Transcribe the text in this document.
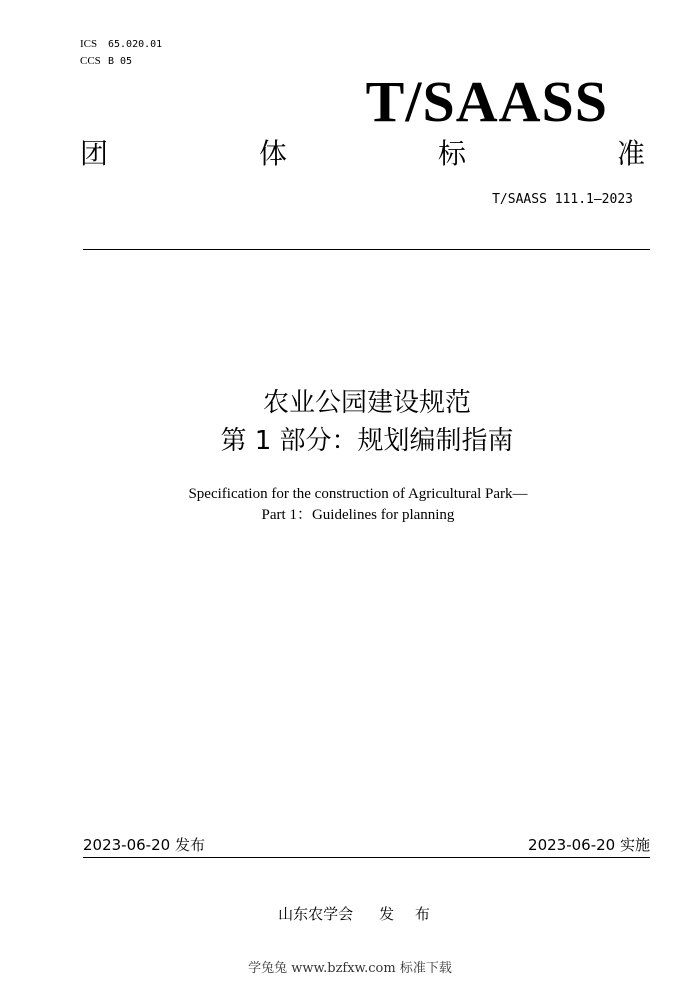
ICS 65.020.01
CCS B 05
T/SAASS
团	体	标	准
T/SAASS 111.1—2023
农业公园建设规范
第 1 部分：规划编制指南
Specification for the construction of Agricultural Park—
Part 1：Guidelines for planning
2023-06-20 发布	2023-06-20 实施
山东农学会 发 布
学兔兔 www.bzfxw.com 标准下载
